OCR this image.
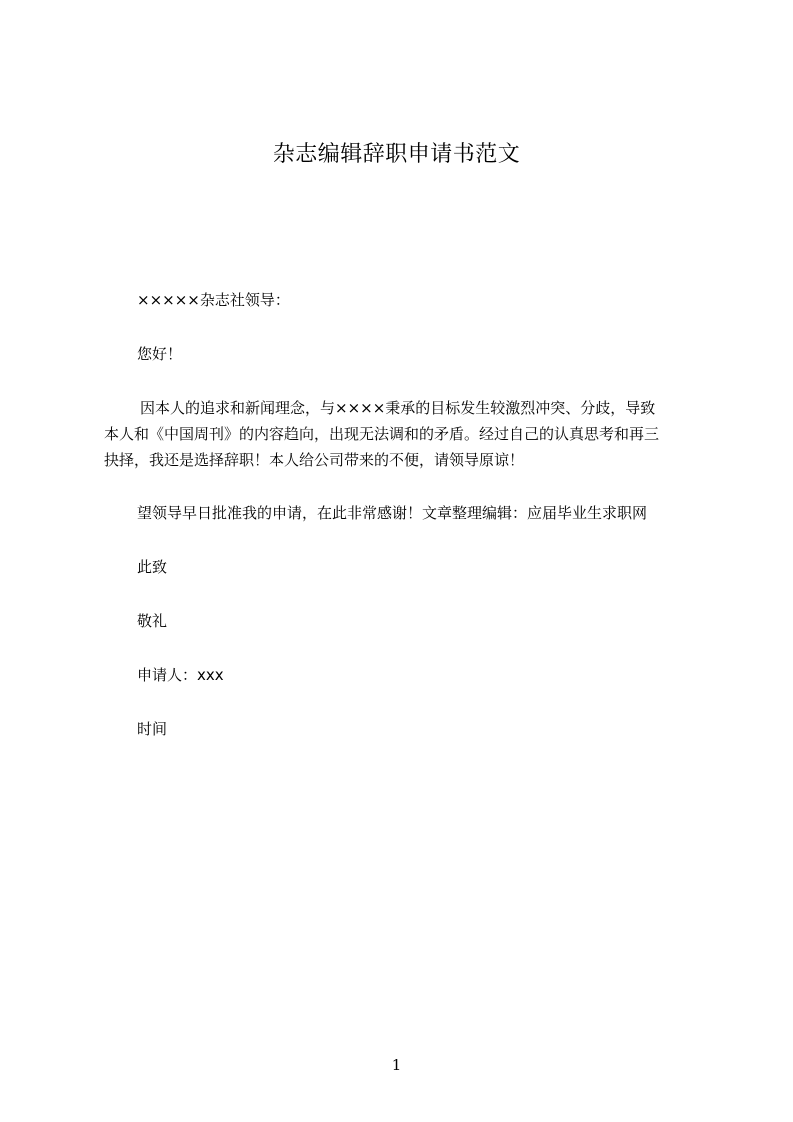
杂志编辑辞职申请书范文
×××××杂志社领导：
您好！
因本人的追求和新闻理念，与××××秉承的目标发生较激烈冲突、分歧，导致
本人和《中国周刊》的内容趋向，出现无法调和的矛盾。经过自己的认真思考和再三
抉择，我还是选择辞职！本人给公司带来的不便，请领导原谅！
望领导早日批准我的申请，在此非常感谢！文章整理编辑：应届毕业生求职网
此致
敬礼
申请人：xxx
时间
1
